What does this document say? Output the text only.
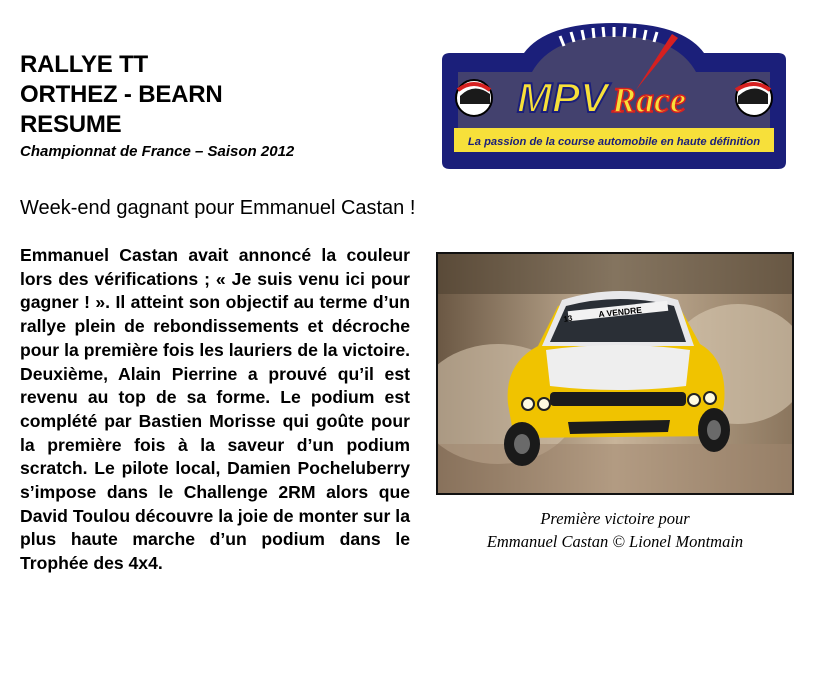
RALLYE TT
ORTHEZ - BEARN
RESUME
Championnat de France – Saison 2012
MPV Race
La passion de la course automobile en haute définition
Week-end gagnant pour Emmanuel Castan !

Emmanuel Castan avait annoncé la couleur lors des vérifications ; « Je suis venu ici pour gagner ! ». Il atteint son objectif au terme d’un rallye plein de rebondissements et décroche pour la première fois les lauriers de la victoire. Deuxième, Alain Pierrine a prouvé qu’il est revenu au top de sa forme. Le podium est complété par Bastien Morisse qui goûte pour la première fois à la saveur d’un podium scratch. Le pilote local, Damien Pocheluberry s’impose dans le Challenge 2RM alors que David Toulou découvre la joie de monter sur la plus haute marche d’un podium dans le Trophée des 4x4.

A VENDRE
13
Première victoire pour
Emmanuel Castan © Lionel Montmain
